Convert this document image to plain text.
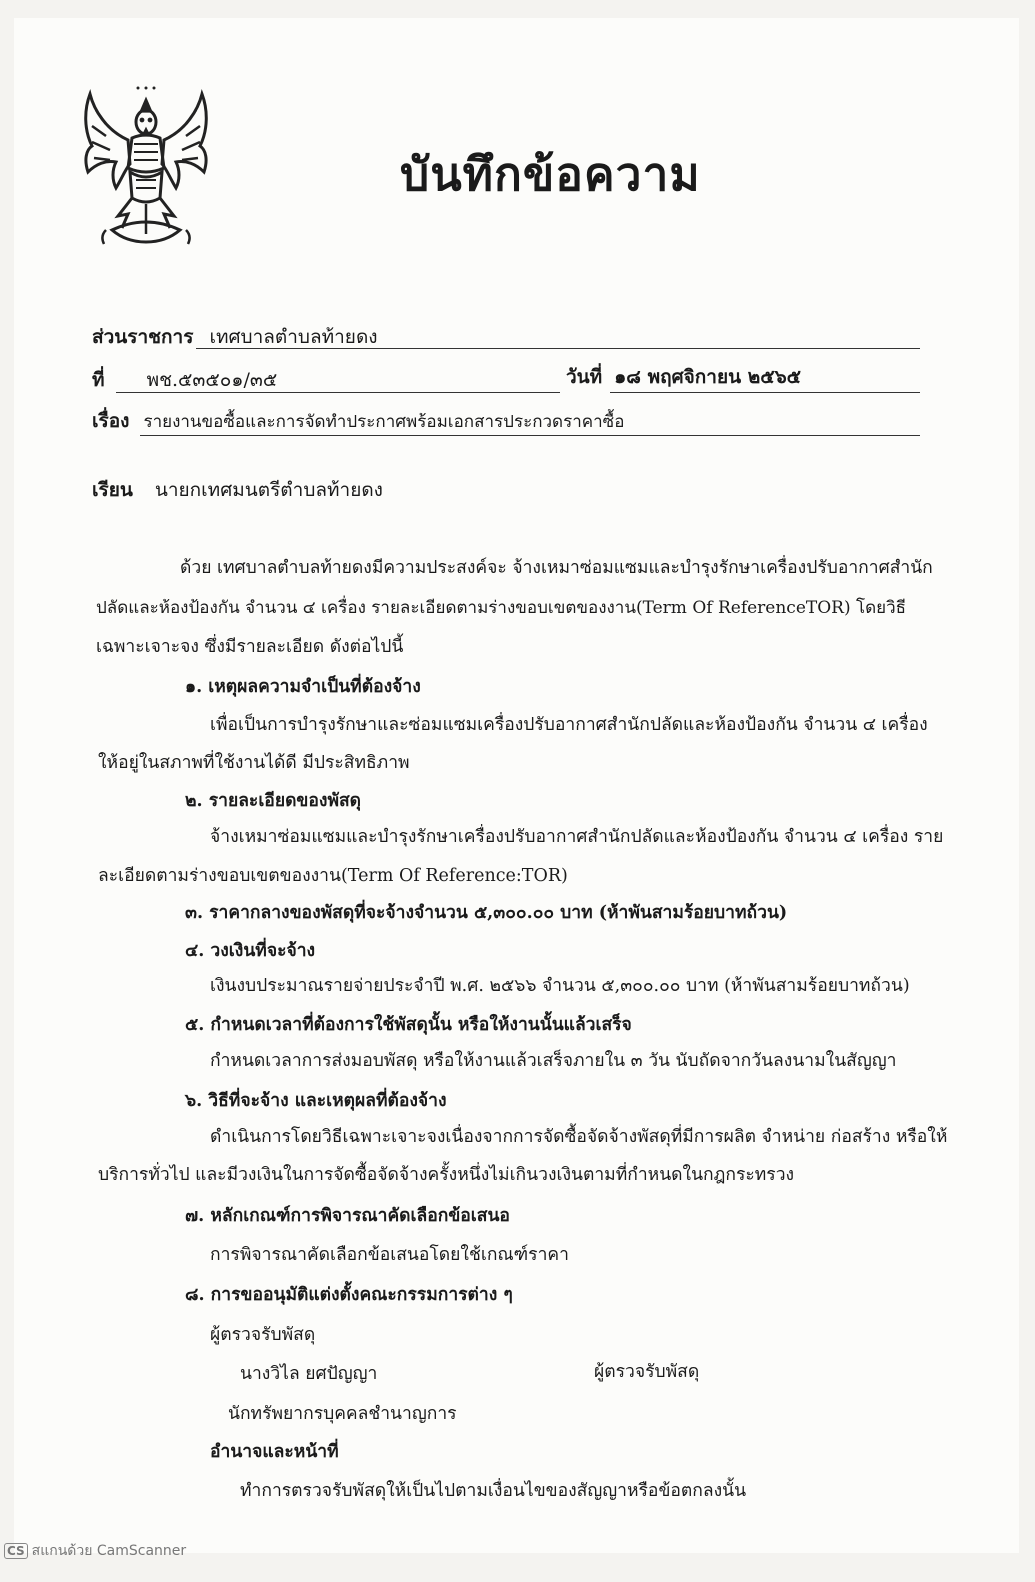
บันทึกข้อความ
ส่วนราชการ เทศบาลตำบลท้ายดง
ที่ พช.๕๓๕๐๑/๓๕	วันที่ ๑๘ พฤศจิกายน ๒๕๖๕
เรื่อง รายงานขอซื้อและการจัดทำประกาศพร้อมเอกสารประกวดราคาซื้อ
เรียน นายกเทศมนตรีตำบลท้ายดง
ด้วย เทศบาลตำบลท้ายดงมีความประสงค์จะ จ้างเหมาซ่อมแซมและบำรุงรักษาเครื่องปรับอากาศสำนัก
ปลัดและห้องป้องกัน จำนวน ๔ เครื่อง รายละเอียดตามร่างขอบเขตของงาน(Term Of ReferenceTOR) โดยวิธี
เฉพาะเจาะจง ซึ่งมีรายละเอียด ดังต่อไปนี้
๑. เหตุผลความจำเป็นที่ต้องจ้าง
เพื่อเป็นการบำรุงรักษาและซ่อมแซมเครื่องปรับอากาศสำนักปลัดและห้องป้องกัน จำนวน ๔ เครื่อง
ให้อยู่ในสภาพที่ใช้งานได้ดี มีประสิทธิภาพ
๒. รายละเอียดของพัสดุ
จ้างเหมาซ่อมแซมและบำรุงรักษาเครื่องปรับอากาศสำนักปลัดและห้องป้องกัน จำนวน ๔ เครื่อง ราย
ละเอียดตามร่างขอบเขตของงาน(Term Of Reference:TOR)
๓. ราคากลางของพัสดุที่จะจ้างจำนวน ๕,๓๐๐.๐๐ บาท (ห้าพันสามร้อยบาทถ้วน)
๔. วงเงินที่จะจ้าง
เงินงบประมาณรายจ่ายประจำปี พ.ศ. ๒๕๖๖ จำนวน ๕,๓๐๐.๐๐ บาท (ห้าพันสามร้อยบาทถ้วน)
๕. กำหนดเวลาที่ต้องการใช้พัสดุนั้น หรือให้งานนั้นแล้วเสร็จ
กำหนดเวลาการส่งมอบพัสดุ หรือให้งานแล้วเสร็จภายใน ๓ วัน นับถัดจากวันลงนามในสัญญา
๖. วิธีที่จะจ้าง และเหตุผลที่ต้องจ้าง
ดำเนินการโดยวิธีเฉพาะเจาะจงเนื่องจากการจัดซื้อจัดจ้างพัสดุที่มีการผลิต จำหน่าย ก่อสร้าง หรือให้
บริการทั่วไป และมีวงเงินในการจัดซื้อจัดจ้างครั้งหนึ่งไม่เกินวงเงินตามที่กำหนดในกฎกระทรวง
๗. หลักเกณฑ์การพิจารณาคัดเลือกข้อเสนอ
การพิจารณาคัดเลือกข้อเสนอโดยใช้เกณฑ์ราคา
๘. การขออนุมัติแต่งตั้งคณะกรรมการต่าง ๆ
ผู้ตรวจรับพัสดุ
นางวิไล ยศปัญญา	ผู้ตรวจรับพัสดุ
นักทรัพยากรบุคคลชำนาญการ
อำนาจและหน้าที่
ทำการตรวจรับพัสดุให้เป็นไปตามเงื่อนไขของสัญญาหรือข้อตกลงนั้น
CS สแกนด้วย CamScanner
